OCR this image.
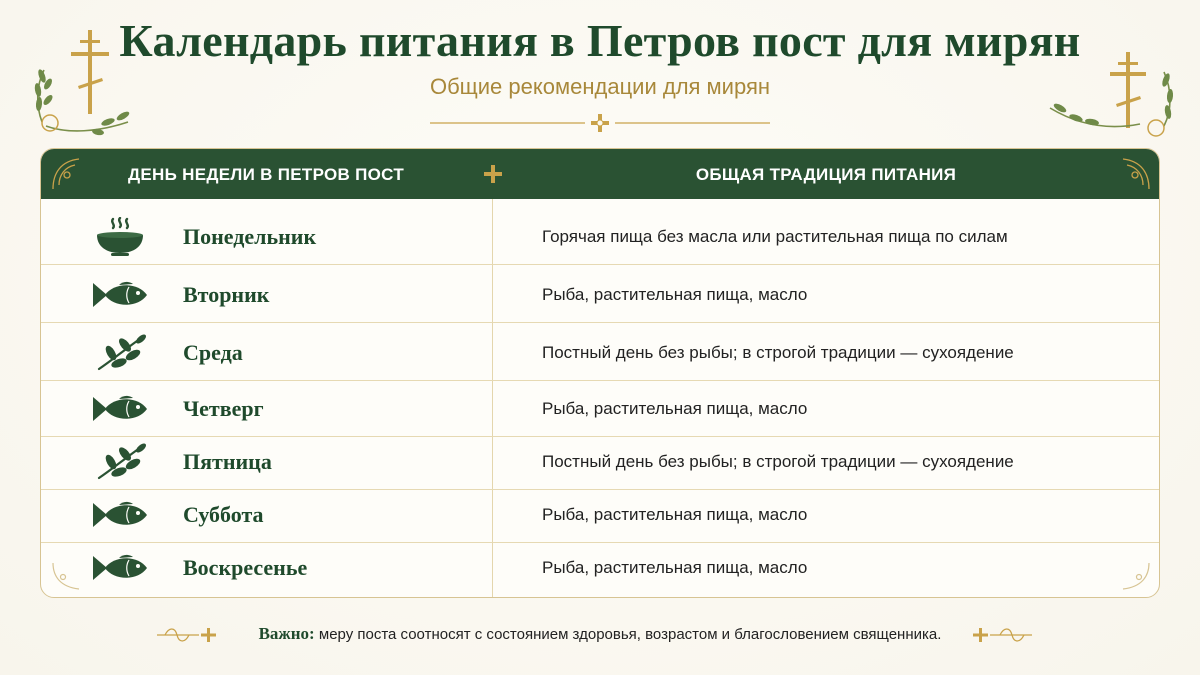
Календарь питания в Петров пост для мирян
Общие рекомендации для мирян
ДЕНЬ НЕДЕЛИ В ПЕТРОВ ПОСТ	ОБЩАЯ ТРАДИЦИЯ ПИТАНИЯ
Понедельник	Горячая пища без масла или растительная пища по силам
Вторник	Рыба, растительная пища, масло
Среда	Постный день без рыбы; в строгой традиции — сухоядение
Четверг	Рыба, растительная пища, масло
Пятница	Постный день без рыбы; в строгой традиции — сухоядение
Суббота	Рыба, растительная пища, масло
Воскресенье	Рыба, растительная пища, масло
Важно: меру поста соотносят с состоянием здоровья, возрастом и благословением священника.
